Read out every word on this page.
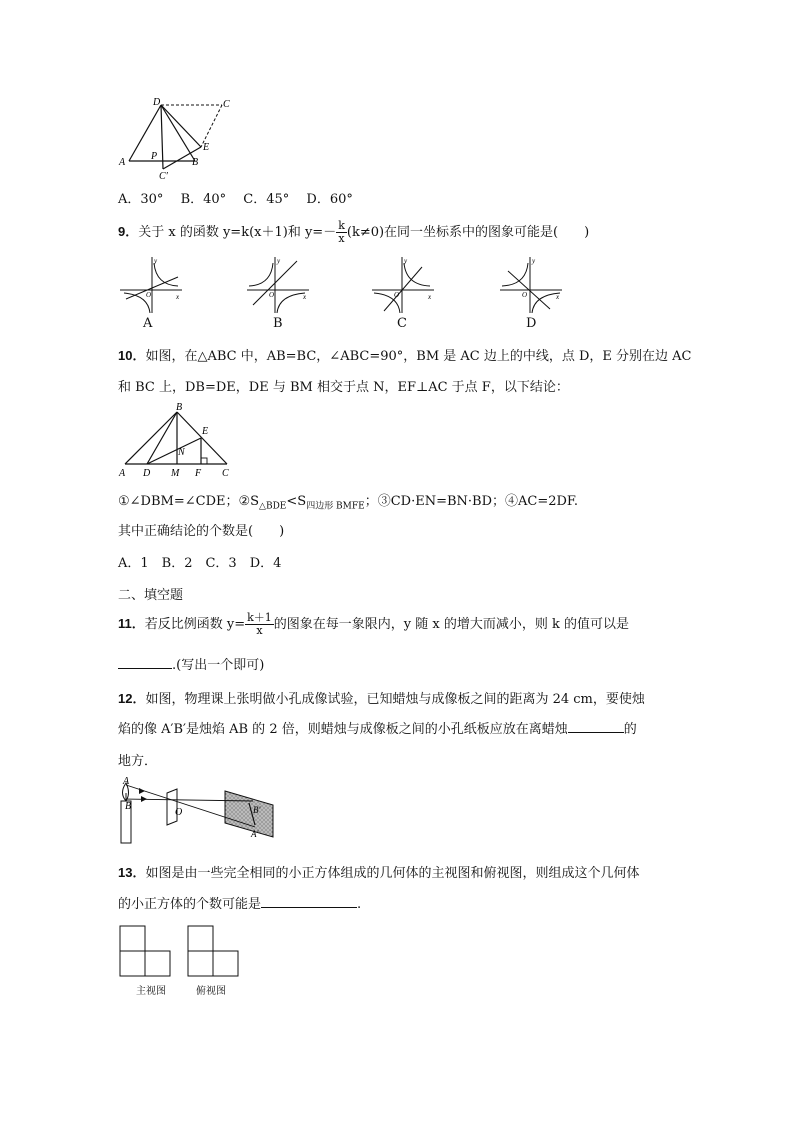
D	C
A
P
B
E
C′
A．30°　 B．40°　 C．45°　 D．60°
9．关于 x 的函数 y=k(x＋1)和 $y=- \frac{k}{x} (k\ne 0)$在同一坐标系中的图象可能是(　　)
y
x
O
y
x
O
y
x
O
y
x
O
A	B	C	D
10．如图，在△ABC 中，AB=BC，∠ABC=90°，BM 是 AC 边上的中线，点 D，E 分别在边 AC
和 BC 上，DB=DE，DE 与 BM 相交于点 N，EF⊥AC 于点 F，以下结论：
B
E
N
A D M F C
①∠DBM=∠CDE；$②S_{\triangle BDE}<S_{四边形 BMFE}$；③CD·EN=BN·BD；④AC=2DF.
其中正确结论的个数是(　　)
A．1　B．2　C．3　D．4
二、填空题
11．若反比例函数 $y= \frac{k+1}{x}$ 的图象在每一象限内，y 随 x 的增大而减小，则 k 的值可以是
.(写出一个即可)
12．如图，物理课上张明做小孔成像试验，已知蜡烛与成像板之间的距离为 24 cm，要使烛
焰的像 A′B′是烛焰 AB 的 2 倍，则蜡烛与成像板之间的小孔纸板应放在离蜡烛	的
地方．
A
B
O	B′
A′
13．如图是由一些完全相同的小正方体组成的几何体的主视图和俯视图，则组成这个几何体
的小正方体的个数可能是	.
主视图	俯视图
